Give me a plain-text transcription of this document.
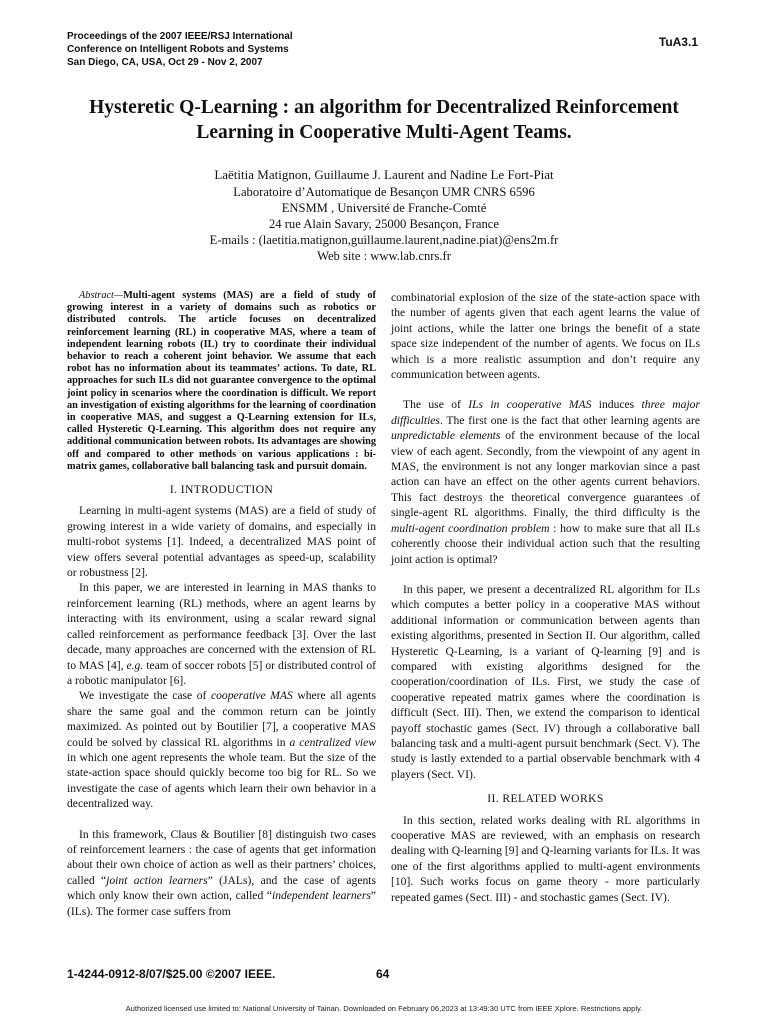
Proceedings of the 2007 IEEE/RSJ International
Conference on Intelligent Robots and Systems
San Diego, CA, USA, Oct 29 - Nov 2, 2007
TuA3.1
Hysteretic Q-Learning : an algorithm for Decentralized Reinforcement Learning in Cooperative Multi-Agent Teams.
Laëtitia Matignon, Guillaume J. Laurent and Nadine Le Fort-Piat
Laboratoire d’Automatique de Besançon UMR CNRS 6596
ENSMM , Université de Franche-Comté
24 rue Alain Savary, 25000 Besançon, France
E-mails : (laetitia.matignon,guillaume.laurent,nadine.piat)@ens2m.fr
Web site : www.lab.cnrs.fr

Abstract—Multi-agent systems (MAS) are a field of study of growing interest in a variety of domains such as robotics or distributed controls. The article focuses on decentralized reinforcement learning (RL) in cooperative MAS, where a team of independent learning robots (IL) try to coordinate their individual behavior to reach a coherent joint behavior. We assume that each robot has no information about its teammates’ actions. To date, RL approaches for such ILs did not guarantee convergence to the optimal joint policy in scenarios where the coordination is difficult. We report an investigation of existing algorithms for the learning of coordination in cooperative MAS, and suggest a Q-Learning extension for ILs, called Hysteretic Q-Learning. This algorithm does not require any additional communication between robots. Its advantages are showing off and compared to other methods on various applications : bi-matrix games, collaborative ball balancing task and pursuit domain.

I. INTRODUCTION

Learning in multi-agent systems (MAS) are a field of study of growing interest in a wide variety of domains, and especially in multi-robot systems [1]. Indeed, a decentralized MAS point of view offers several potential advantages as speed-up, scalability or robustness [2].

In this paper, we are interested in learning in MAS thanks to reinforcement learning (RL) methods, where an agent learns by interacting with its environment, using a scalar reward signal called reinforcement as performance feedback [3]. Over the last decade, many approaches are concerned with the extension of RL to MAS [4], e.g. team of soccer robots [5] or distributed control of a robotic manipulator [6].

We investigate the case of cooperative MAS where all agents share the same goal and the common return can be jointly maximized. As pointed out by Boutilier [7], a cooperative MAS could be solved by classical RL algorithms in a centralized view in which one agent represents the whole team. But the size of the state-action space should quickly become too big for RL. So we investigate the case of agents which learn their own behavior in a decentralized way.

In this framework, Claus & Boutilier [8] distinguish two cases of reinforcement learners : the case of agents that get information about their own choice of action as well as their partners’ choices, called “joint action learners” (JALs), and the case of agents which only know their own action, called “independent learners” (ILs). The former case suffers from

combinatorial explosion of the size of the state-action space with the number of agents given that each agent learns the value of joint actions, while the latter one brings the benefit of a state space size independent of the number of agents. We focus on ILs which is a more realistic assumption and don’t require any communication between agents.

The use of ILs in cooperative MAS induces three major difficulties. The first one is the fact that other learning agents are unpredictable elements of the environment because of the local view of each agent. Secondly, from the viewpoint of any agent in MAS, the environment is not any longer markovian since a past action can have an effect on the other agents current behaviors. This fact destroys the theoretical convergence guarantees of single-agent RL algorithms. Finally, the third difficulty is the multi-agent coordination problem : how to make sure that all ILs coherently choose their individual action such that the resulting joint action is optimal?

In this paper, we present a decentralized RL algorithm for ILs which computes a better policy in a cooperative MAS without additional information or communication between agents than existing algorithms, presented in Section II. Our algorithm, called Hysteretic Q-Learning, is a variant of Q-learning [9] and is compared with existing algorithms designed for the cooperation/coordination of ILs. First, we study the case of cooperative repeated matrix games where the coordination is difficult (Sect. III). Then, we extend the comparison to identical payoff stochastic games (Sect. IV) through a collaborative ball balancing task and a multi-agent pursuit benchmark (Sect. V). The study is lastly extended to a partial observable benchmark with 4 players (Sect. VI).

II. RELATED WORKS

In this section, related works dealing with RL algorithms in cooperative MAS are reviewed, with an emphasis on research dealing with Q-learning [9] and Q-learning variants for ILs. It was one of the first algorithms applied to multi-agent environments [10]. Such works focus on game theory - more particularly repeated games (Sect. III) - and stochastic games (Sect. IV).

1-4244-0912-8/07/$25.00 ©2007 IEEE.	64
Authorized licensed use limited to: National University of Tainan. Downloaded on February 06,2023 at 13:49:30 UTC from IEEE Xplore. Restrictions apply.
